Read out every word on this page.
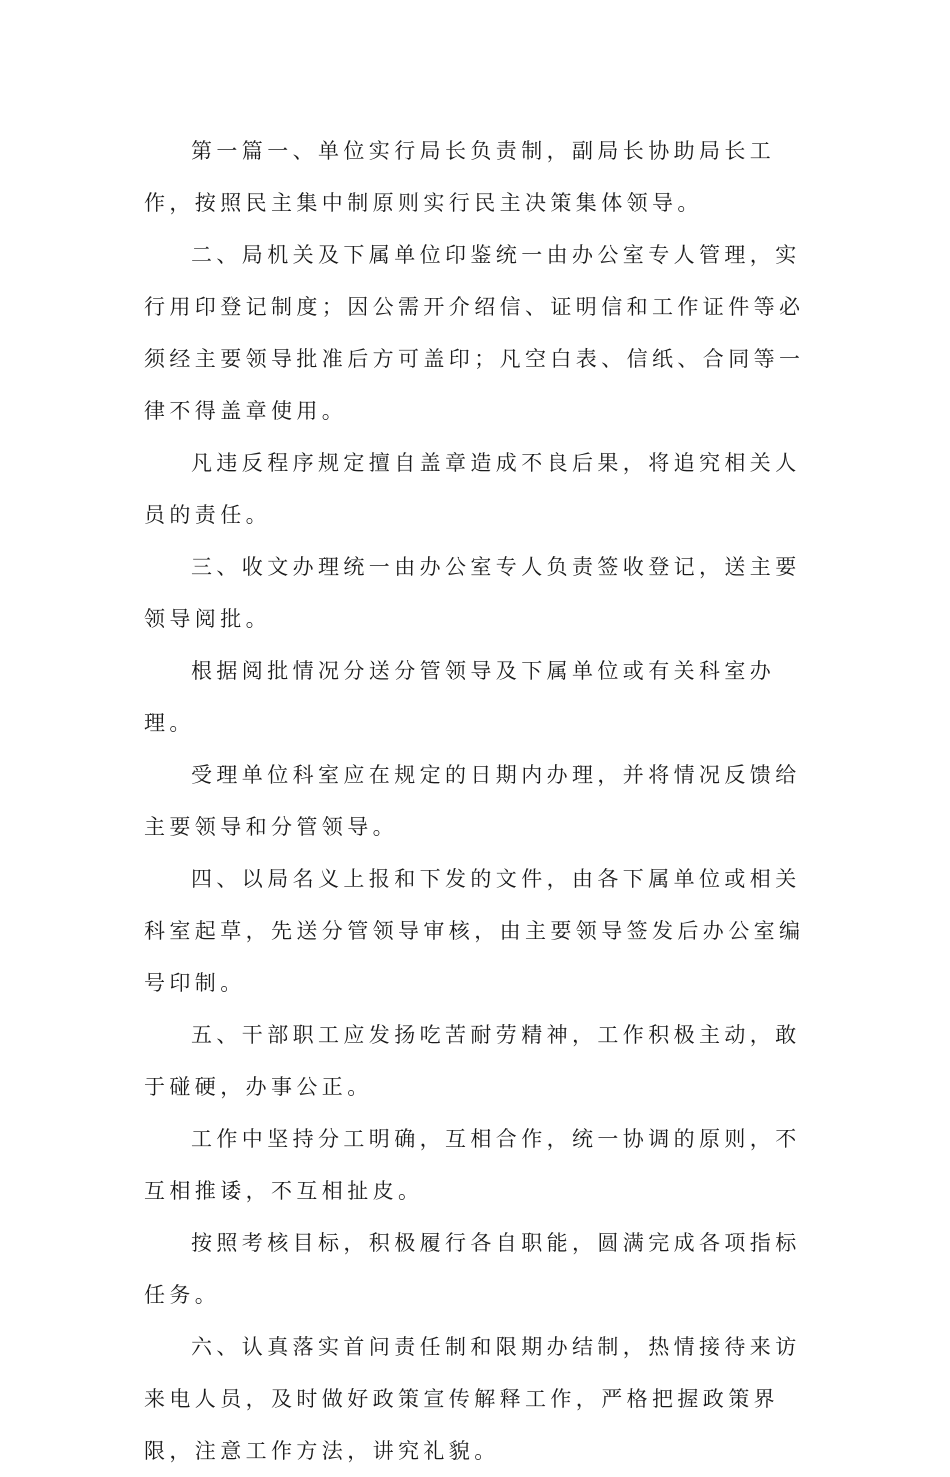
第一篇一、单位实行局长负责制，副局长协助局长工作，按照民主集中制原则实行民主决策集体领导。

二、局机关及下属单位印鉴统一由办公室专人管理，实行用印登记制度；因公需开介绍信、证明信和工作证件等必须经主要领导批准后方可盖印；凡空白表、信纸、合同等一律不得盖章使用。

凡违反程序规定擅自盖章造成不良后果，将追究相关人员的责任。

三、收文办理统一由办公室专人负责签收登记，送主要领导阅批。

根据阅批情况分送分管领导及下属单位或有关科室办理。

受理单位科室应在规定的日期内办理，并将情况反馈给主要领导和分管领导。

四、以局名义上报和下发的文件，由各下属单位或相关科室起草，先送分管领导审核，由主要领导签发后办公室编号印制。

五、干部职工应发扬吃苦耐劳精神，工作积极主动，敢于碰硬，办事公正。

工作中坚持分工明确，互相合作，统一协调的原则，不互相推诿，不互相扯皮。

按照考核目标，积极履行各自职能，圆满完成各项指标任务。

六、认真落实首问责任制和限期办结制，热情接待来访来电人员，及时做好政策宣传解释工作，严格把握政策界限，注意工作方法，讲究礼貌。
